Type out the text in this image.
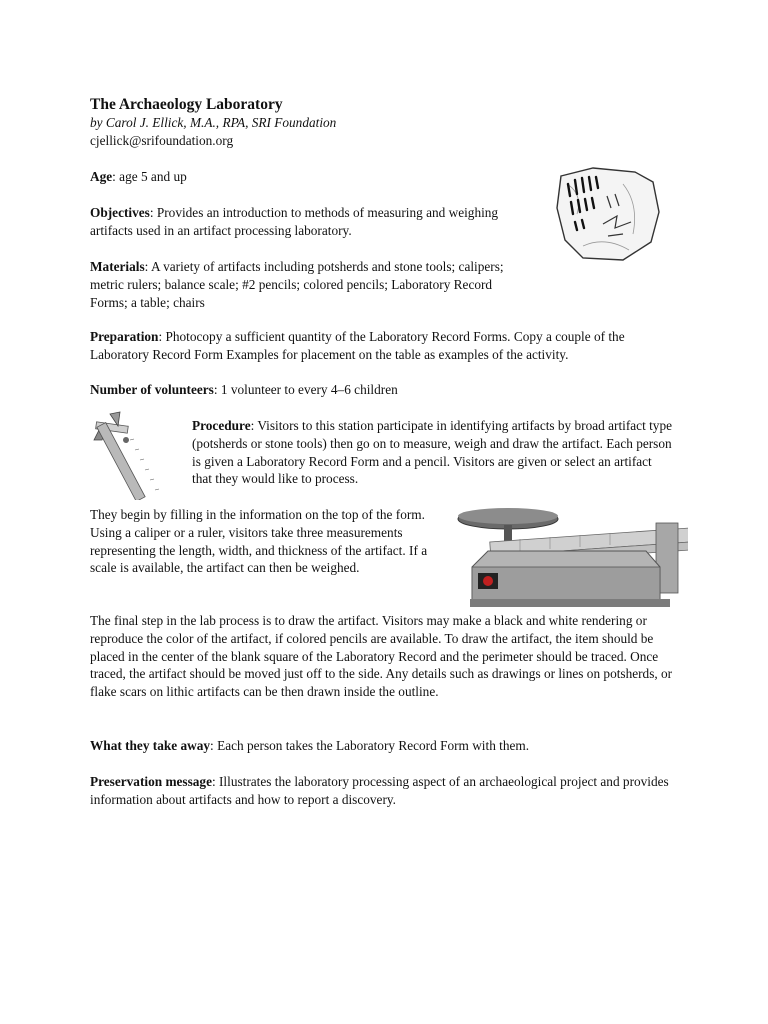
The Archaeology Laboratory
by Carol J. Ellick, M.A., RPA, SRI Foundation
cjellick@srifoundation.org

Age: age 5 and up

Objectives: Provides an introduction to methods of measuring and weighing artifacts used in an artifact processing laboratory.

Materials: A variety of artifacts including potsherds and stone tools; calipers; metric rulers; balance scale; #2 pencils; colored pencils; Laboratory Record Forms; a table; chairs

Preparation: Photocopy a sufficient quantity of the Laboratory Record Forms. Copy a couple of the Laboratory Record Form Examples for placement on the table as examples of the activity.

Number of volunteers: 1 volunteer to every 4–6 children

Procedure: Visitors to this station participate in identifying artifacts by broad artifact type (potsherds or stone tools) then go on to measure, weigh and draw the artifact. Each person is given a Laboratory Record Form and a pencil. Visitors are given or select an artifact that they would like to process.

They begin by filling in the information on the top of the form. Using a caliper or a ruler, visitors take three measurements representing the length, width, and thickness of the artifact. If a scale is available, the artifact can then be weighed.

The final step in the lab process is to draw the artifact. Visitors may make a black and white rendering or reproduce the color of the artifact, if colored pencils are available. To draw the artifact, the item should be placed in the center of the blank square of the Laboratory Record and the perimeter should be traced. Once traced, the artifact should be moved just off to the side. Any details such as drawings or lines on potsherds, or flake scars on lithic artifacts can be then drawn inside the outline.

What they take away: Each person takes the Laboratory Record Form with them.

Preservation message: Illustrates the laboratory processing aspect of an archaeological project and provides information about artifacts and how to report a discovery.
